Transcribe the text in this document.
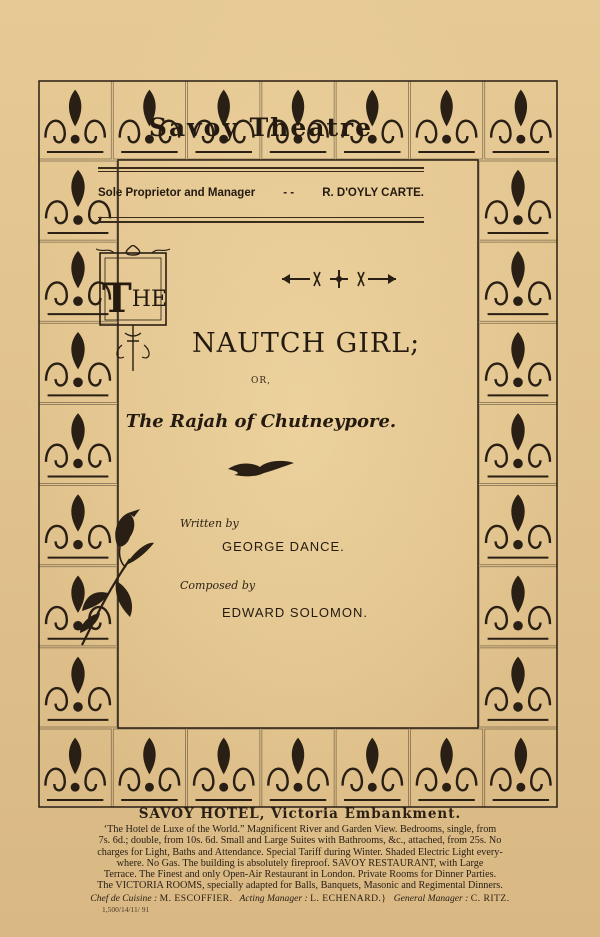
Savoy Theatre
Sole Proprietor and Manager - - R. D'OYLY CARTE.
THE
NAUTCH GIRL;
OR,
The Rajah of Chutneypore.
Written by
GEORGE DANCE.
Composed by
EDWARD SOLOMON.
SAVOY HOTEL, Victoria Embankment.
‘The Hotel de Luxe of the World.” Magnificent River and Garden View. Bedrooms, single, from
7s. 6d.; double, from 10s. 6d. Small and Large Suites with Bathrooms, &c., attached, from 25s. No
charges for Light, Baths and Attendance. Special Tariff during Winter. Shaded Electric Light every-
where. No Gas. The building is absolutely fireproof. SAVOY RESTAURANT, with Large
Terrace. The Finest and only Open-Air Restaurant in London. Private Rooms for Dinner Parties.
The VICTORIA ROOMS, specially adapted for Balls, Banquets, Masonic and Regimental Dinners.
Chef de Cuisine : M. ESCOFFIER. Acting Manager : L. ECHENARD.} General Manager : C. RITZ.
1,500/14/11/ 91
